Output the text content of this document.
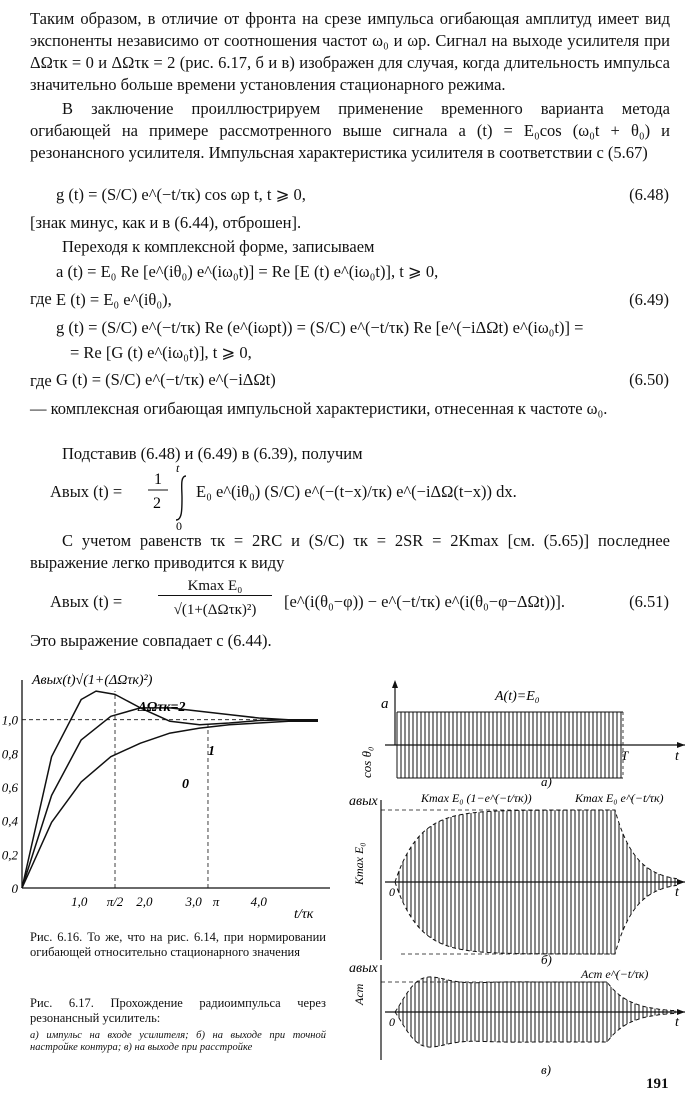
Таким образом, в отличие от фронта на срезе импульса огибающая амплитуд имеет вид экспоненты независимо от соотношения частот ω₀ и ωр. Сигнал на выходе усилителя при ΔΩτк = 0 и ΔΩτк = 2 (рис. 6.17, б и в) изображен для случая, когда длительность импульса значительно больше времени установления стационарного режима.
В заключение проиллюстрируем применение временного варианта метода огибающей на примере рассмотренного выше сигнала a (t) = E₀cos (ω₀t + θ₀) и резонансного усилителя. Импульсная характеристика усилителя в соответствии с (5.67)
g (t) = (S/C) e^(−t/τк) cos ωр t, t ⩾ 0,	(6.48)
[знак минус, как и в (6.44), отброшен].
Переходя к комплексной форме, записываем
a (t) = E₀ Re [e^(iθ₀) e^(iω₀t)] = Re [E (t) e^(iω₀t)], t ⩾ 0,
где E (t) = E₀ e^(iθ₀),	(6.49)
g (t) = (S/C) e^(−t/τк) Re (e^(iωрt)) = (S/C) e^(−t/τк) Re [e^(−iΔΩt) e^(iω₀t)] =
= Re [G (t) e^(iω₀t)], t ⩾ 0,
где G (t) = (S/C) e^(−t/τк) e^(−iΔΩt)	(6.50)
— комплексная огибающая импульсной характеристики, отнесенная к частоте ω₀.
Подставив (6.48) и (6.49) в (6.39), получим
Aвых (t) =
1
2
t
0
E₀ e^(iθ₀) (S/C) e^(−(t−x)/τк) e^(−iΔΩ(t−x)) dx.
С учетом равенств τк = 2RC и (S/C) τк = 2SR = 2Kmax [см. (5.65)] последнее выражение легко приводится к виду
Aвых (t) =
Kmax E₀
√(1+(ΔΩτк)²)	[e^(i(θ₀−φ)) − e^(−t/τк) e^(i(θ₀−φ−ΔΩt))].	(6.51)
Это выражение совпадает с (6.44).
0
0,2
0,4
0,6
0,8
1,0
1,0 π/2 2,0	3,0 π 4,0
Aвых(t)√(1+(ΔΩτк)²)
t/τк
ΔΩτк=2
1
0
Рис. 6.16. То же, что на рис. 6.14, при нормировании огибающей относительно стационарного значения
Рис. 6.17. Прохождение радиоимпульса через резонансный усилитель:
а) импульс на входе усилителя; б) на выходе при точной настройке контура; в) на выходе при расстройке
a	A(t)=E₀
cos θ₀	T	t
а)
aвых	Kmax E₀ (1−e^(−t/τк))	Kmax E₀ e^(−t/τк)
Kmax E₀
0	t
б)
aвых	Aст e^(−t/τк)
Aст
0	t
в)
191
